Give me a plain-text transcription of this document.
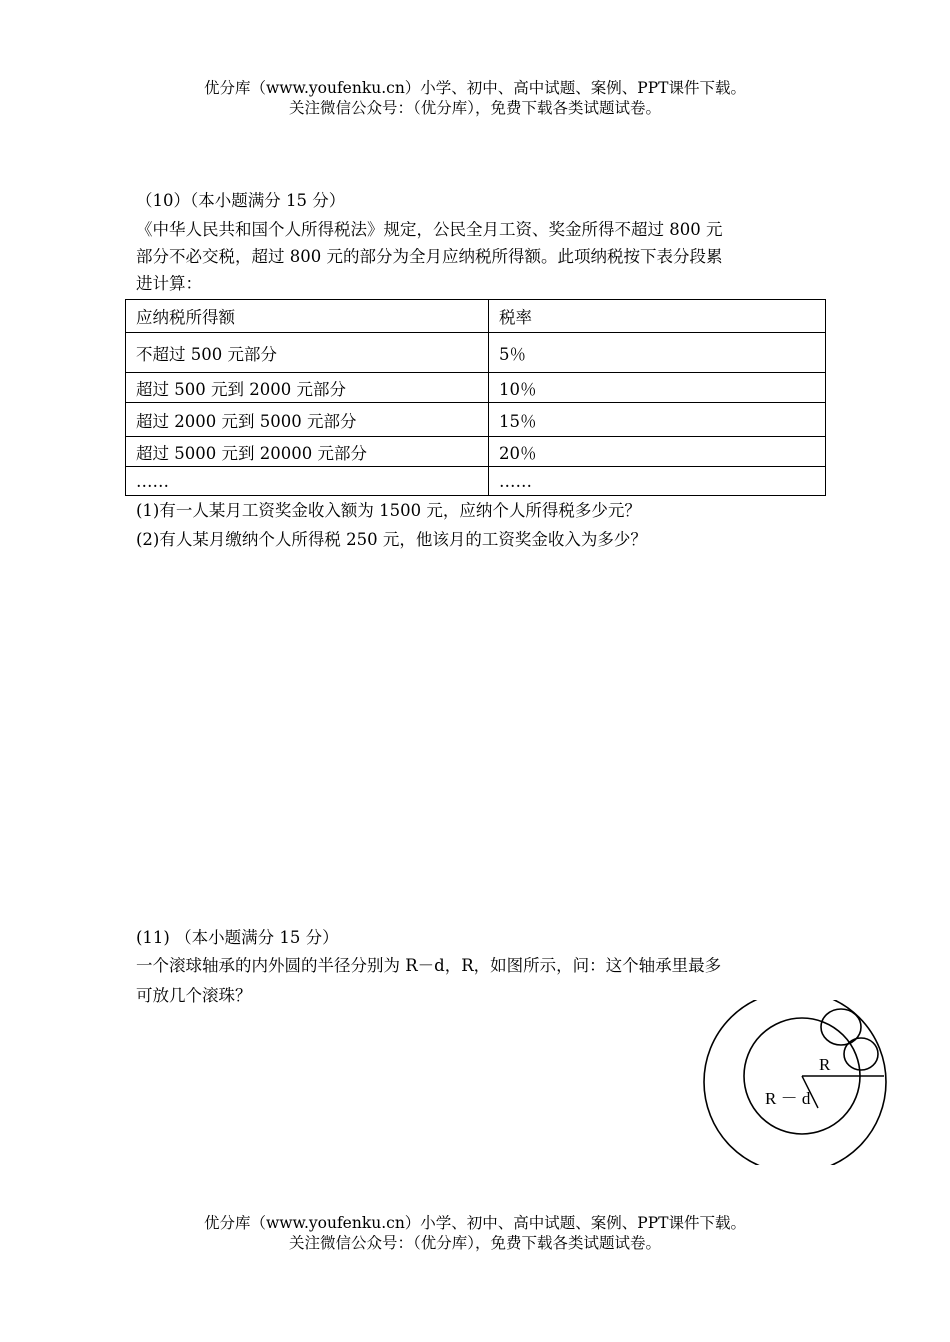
优分库（www.youfenku.cn）小学、初中、高中试题、案例、PPT课件下载。
关注微信公众号：（优分库），免费下载各类试题试卷。
（10）（本小题满分 15 分）
《中华人民共和国个人所得税法》规定，公民全月工资、奖金所得不超过 800 元
部分不必交税，超过 800 元的部分为全月应纳税所得额。此项纳税按下表分段累
进计算：
应纳税所得额	税率
不超过 500 元部分	5％
超过 500 元到 2000 元部分	10％
超过 2000 元到 5000 元部分	15％
超过 5000 元到 20000 元部分	20％
……	……
(1)有一人某月工资奖金收入额为 1500 元，应纳个人所得税多少元？
(2)有人某月缴纳个人所得税 250 元，他该月的工资奖金收入为多少？
(11) （本小题满分 15 分）
一个滚球轴承的内外圆的半径分别为 R－d，R，如图所示，问：这个轴承里最多
可放几个滚珠？
R
R － d
优分库（www.youfenku.cn）小学、初中、高中试题、案例、PPT课件下载。
关注微信公众号：（优分库），免费下载各类试题试卷。
